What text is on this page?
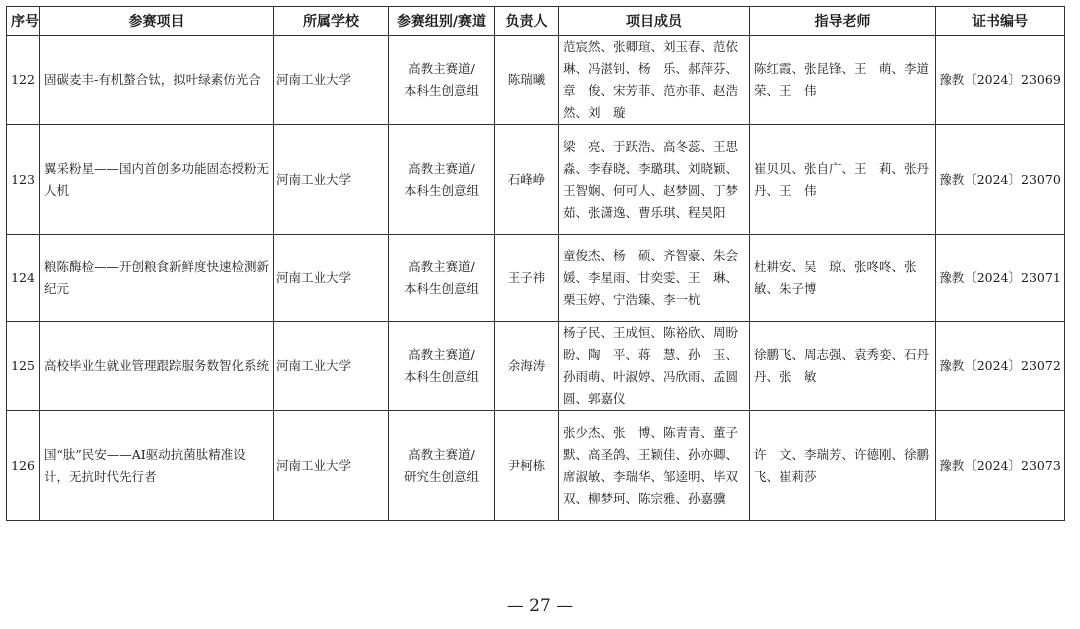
序号	参赛项目	所属学校	参赛组别/赛道	负责人	项目成员	指导老师	证书编号
122	固碳麦丰-有机螯合钛，拟叶绿素仿光合	河南工业大学	高教主赛道/
本科生创意组	陈瑞曦	范宸然、张卿瑄、刘玉春、范依琳、冯湛钊、杨　乐、郝萍芬、章　俊、宋芳菲、范亦菲、赵浩然、刘　璇	陈红霞、张昆锋、王　萌、李道荣、王　伟	豫教〔2024〕23069
123	翼采粉星——国内首创多功能固态授粉无人机	河南工业大学	高教主赛道/
本科生创意组	石峰峥	梁　亮、于跃浩、高冬蕊、王思淼、李春晓、李璐琪、刘晓颖、王智娴、何可人、赵梦圆、丁梦茹、张潇逸、曹乐琪、程昊阳	崔贝贝、张自广、王　莉、张丹丹、王　伟	豫教〔2024〕23070
124	粮陈酶检——开创粮食新鲜度快速检测新纪元	河南工业大学	高教主赛道/
本科生创意组	王子祎	童俊杰、杨　硕、齐智豪、朱会媛、李星雨、甘奕雯、王　琳、栗玉婷、宁浩臻、李一杭	杜耕安、吴　琼、张咚咚、张　敏、朱子博	豫教〔2024〕23071
125	高校毕业生就业管理跟踪服务数智化系统	河南工业大学	高教主赛道/
本科生创意组	余海涛	杨子民、王成恒、陈裕欣、周盼盼、陶　平、蒋　慧、孙　玉、孙雨萌、叶淑婷、冯欣雨、孟圆圆、郭嘉仪	徐鹏飞、周志强、袁秀娈、石丹丹、张　敏	豫教〔2024〕23072
126	国“肽”民安——AI驱动抗菌肽精准设计，无抗时代先行者	河南工业大学	高教主赛道/
研究生创意组	尹柯栋	张少杰、张　博、陈青青、董子默、高圣鸽、王颖佳、孙亦卿、席淑敏、李瑞华、邹逵明、毕双双、柳梦珂、陈宗雅、孙嘉骥	许　文、李瑞芳、许德刚、徐鹏飞、崔莉莎	豫教〔2024〕23073
— 27 —
